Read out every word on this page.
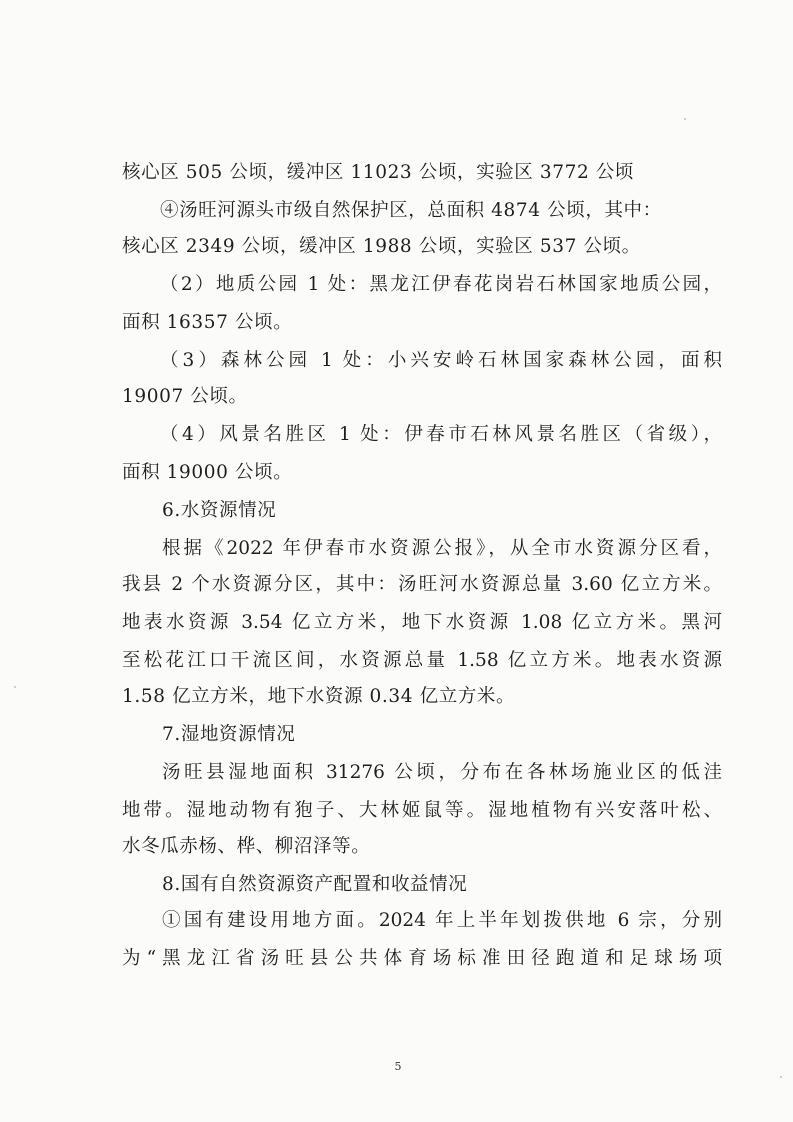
核心区 505 公顷，缓冲区 11023 公顷，实验区 3772 公顷
④汤旺河源头市级自然保护区，总面积 4874 公顷，其中：
核心区 2349 公顷，缓冲区 1988 公顷，实验区 537 公顷。
（2）地质公园 1 处：黑龙江伊春花岗岩石林国家地质公园，
面积 16357 公顷。
（3）森林公园 1 处：小兴安岭石林国家森林公园，面积
19007 公顷。
（4）风景名胜区 1 处：伊春市石林风景名胜区（省级），
面积 19000 公顷。
6.水资源情况
根据《2022 年伊春市水资源公报》，从全市水资源分区看，
我县 2 个水资源分区，其中：汤旺河水资源总量 3.60 亿立方米。
地表水资源 3.54 亿立方米，地下水资源 1.08 亿立方米。黑河
至松花江口干流区间，水资源总量 1.58 亿立方米。地表水资源
1.58 亿立方米，地下水资源 0.34 亿立方米。
7.湿地资源情况
汤旺县湿地面积 31276 公顷，分布在各林场施业区的低洼
地带。湿地动物有狍子、大林姬鼠等。湿地植物有兴安落叶松、
水冬瓜赤杨、桦、柳沼泽等。
8.国有自然资源资产配置和收益情况
①国有建设用地方面。2024 年上半年划拨供地 6 宗，分别
为“黑龙江省汤旺县公共体育场标准田径跑道和足球场项
5
